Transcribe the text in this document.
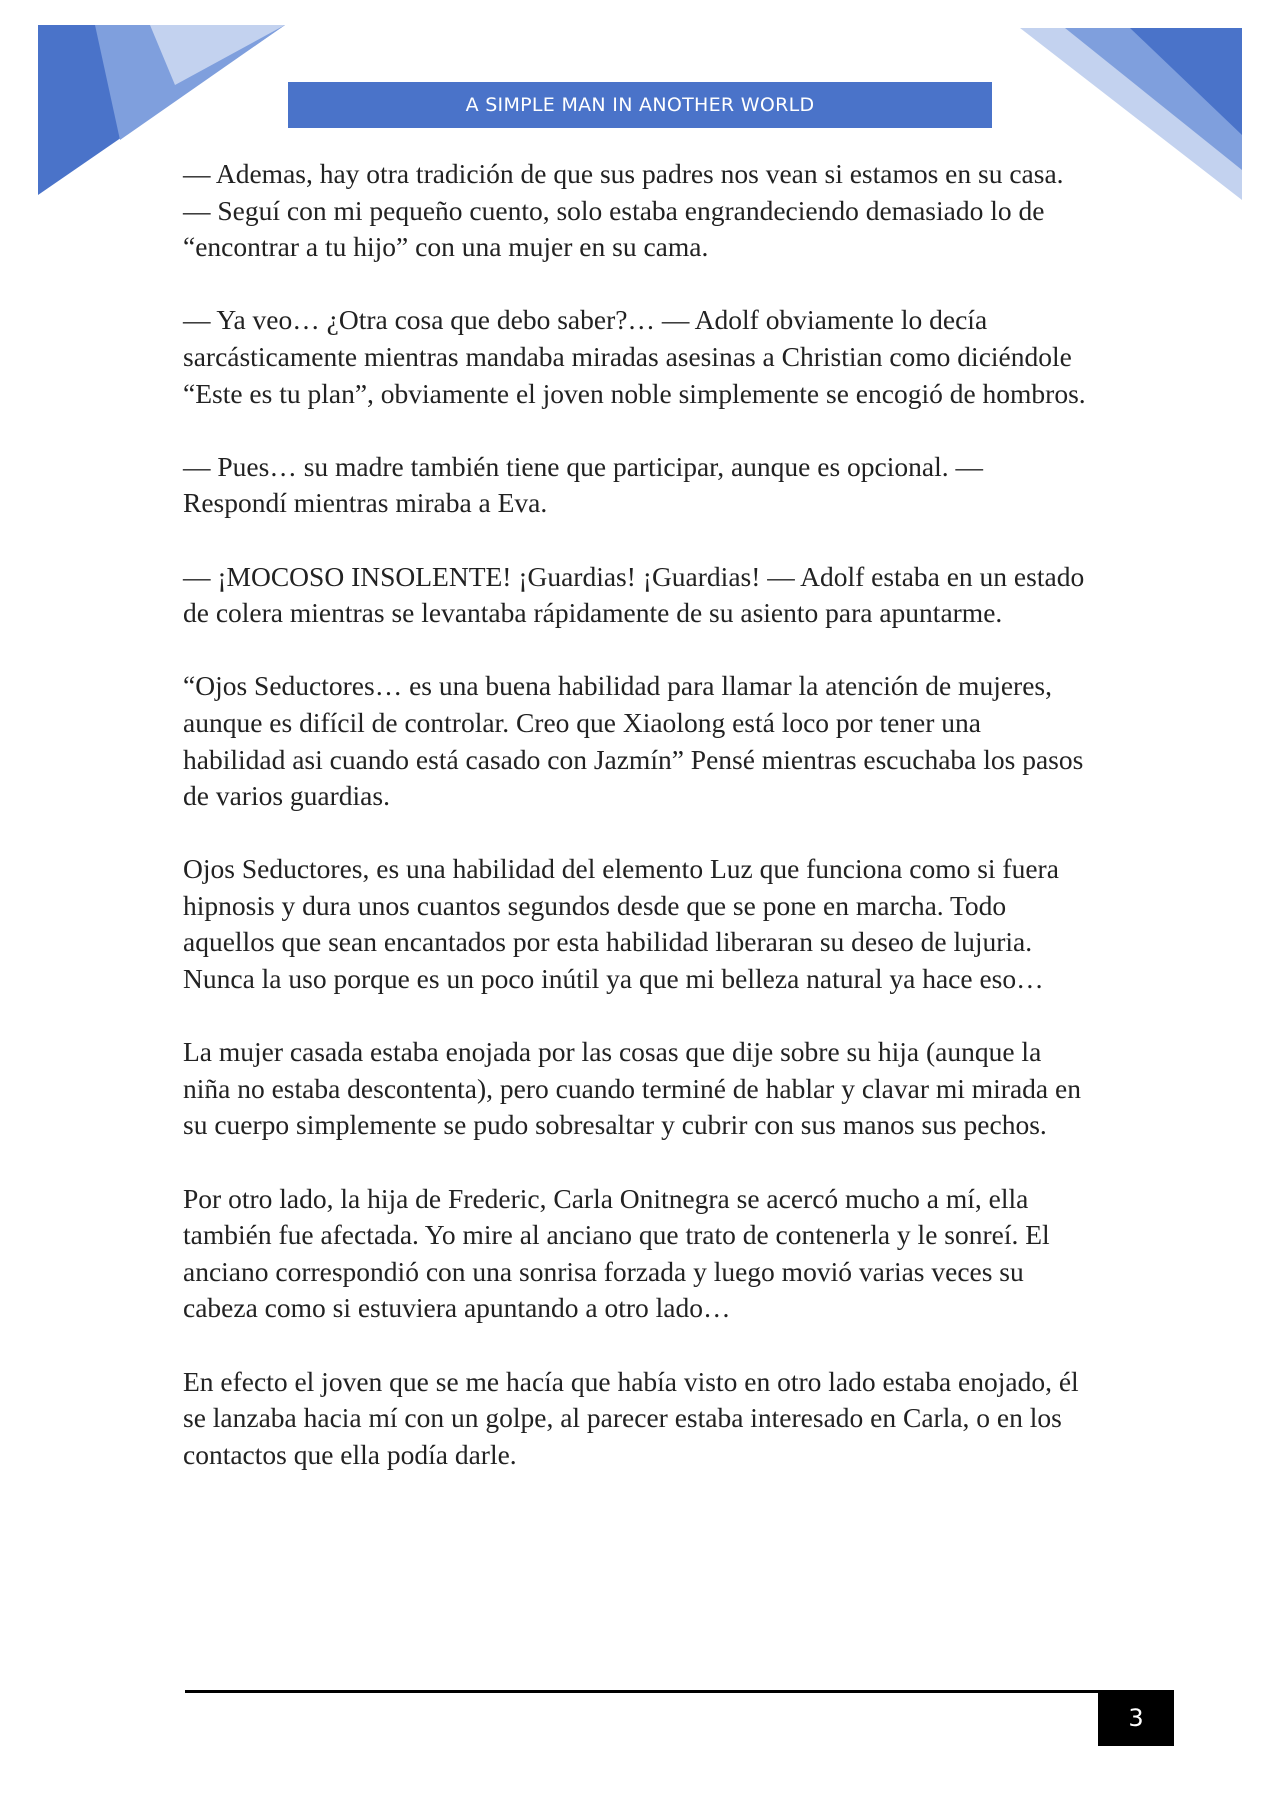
A SIMPLE MAN IN ANOTHER WORLD

— Ademas, hay otra tradición de que sus padres nos vean si estamos en su casa. — Seguí con mi pequeño cuento, solo estaba engrandeciendo demasiado lo de “encontrar a tu hijo” con una mujer en su cama.

— Ya veo… ¿Otra cosa que debo saber?… — Adolf obviamente lo decía sarcásticamente mientras mandaba miradas asesinas a Christian como diciéndole “Este es tu plan”, obviamente el joven noble simplemente se encogió de hombros.

— Pues… su madre también tiene que participar, aunque es opcional. — Respondí mientras miraba a Eva.

— ¡MOCOSO INSOLENTE! ¡Guardias! ¡Guardias! — Adolf estaba en un estado de colera mientras se levantaba rápidamente de su asiento para apuntarme.

“Ojos Seductores… es una buena habilidad para llamar la atención de mujeres, aunque es difícil de controlar. Creo que Xiaolong está loco por tener una habilidad asi cuando está casado con Jazmín” Pensé mientras escuchaba los pasos de varios guardias.

Ojos Seductores, es una habilidad del elemento Luz que funciona como si fuera hipnosis y dura unos cuantos segundos desde que se pone en marcha. Todo aquellos que sean encantados por esta habilidad liberaran su deseo de lujuria. Nunca la uso porque es un poco inútil ya que mi belleza natural ya hace eso…

La mujer casada estaba enojada por las cosas que dije sobre su hija (aunque la niña no estaba descontenta), pero cuando terminé de hablar y clavar mi mirada en su cuerpo simplemente se pudo sobresaltar y cubrir con sus manos sus pechos.

Por otro lado, la hija de Frederic, Carla Onitnegra se acercó mucho a mí, ella también fue afectada. Yo mire al anciano que trato de contenerla y le sonreí. El anciano correspondió con una sonrisa forzada y luego movió varias veces su cabeza como si estuviera apuntando a otro lado…

En efecto el joven que se me hacía que había visto en otro lado estaba enojado, él se lanzaba hacia mí con un golpe, al parecer estaba interesado en Carla, o en los contactos que ella podía darle.

3
